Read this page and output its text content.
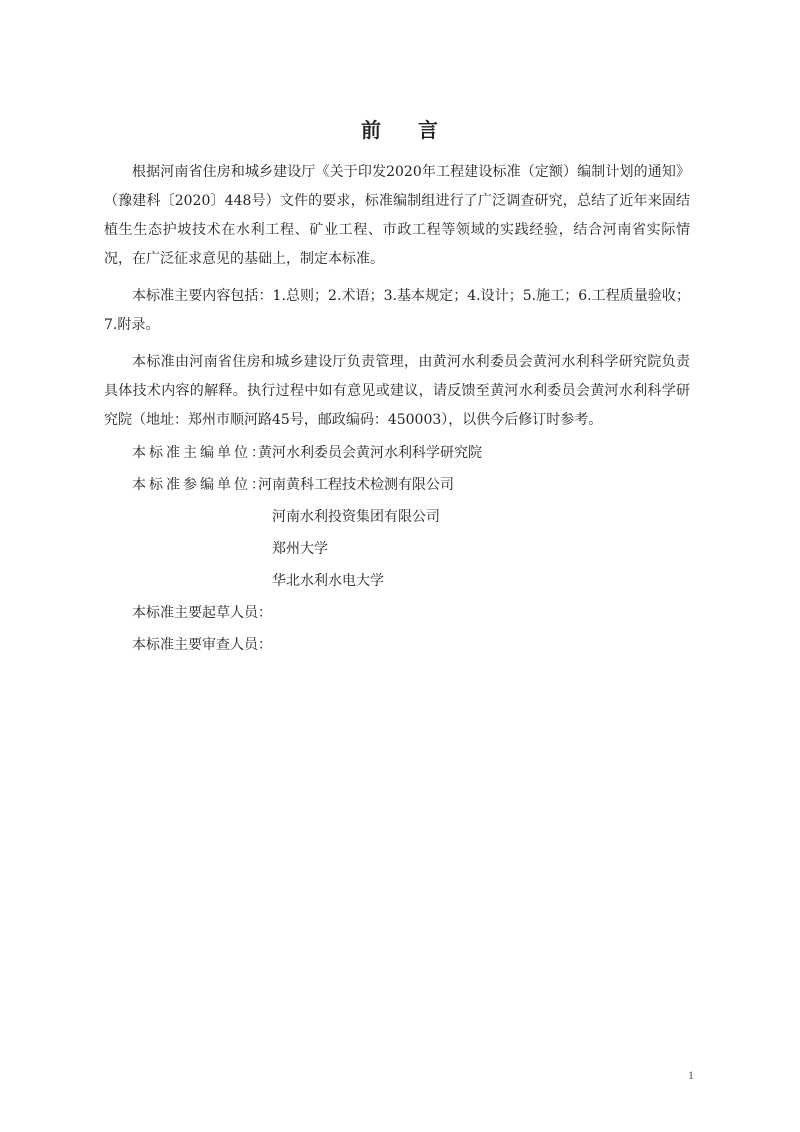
前 言

根据河南省住房和城乡建设厅《关于印发2020年工程建设标准（定额）编制计划的通知》（豫建科〔2020〕448号）文件的要求，标准编制组进行了广泛调查研究，总结了近年来固结植生生态护坡技术在水利工程、矿业工程、市政工程等领域的实践经验，结合河南省实际情况，在广泛征求意见的基础上，制定本标准。

本标准主要内容包括：1.总则；2.术语；3.基本规定；4.设计；5.施工；6.工程质量验收；7.附录。

本标准由河南省住房和城乡建设厅负责管理，由黄河水利委员会黄河水利科学研究院负责具体技术内容的解释。执行过程中如有意见或建议，请反馈至黄河水利委员会黄河水利科学研究院（地址：郑州市顺河路45号，邮政编码：450003），以供今后修订时参考。

本标准主编单位：
黄河水利委员会黄河水利科学研究院
本标准参编单位：
河南黄科工程技术检测有限公司
河南水利投资集团有限公司
郑州大学
华北水利水电大学
本标准主要起草人员：
本标准主要审查人员：
1
